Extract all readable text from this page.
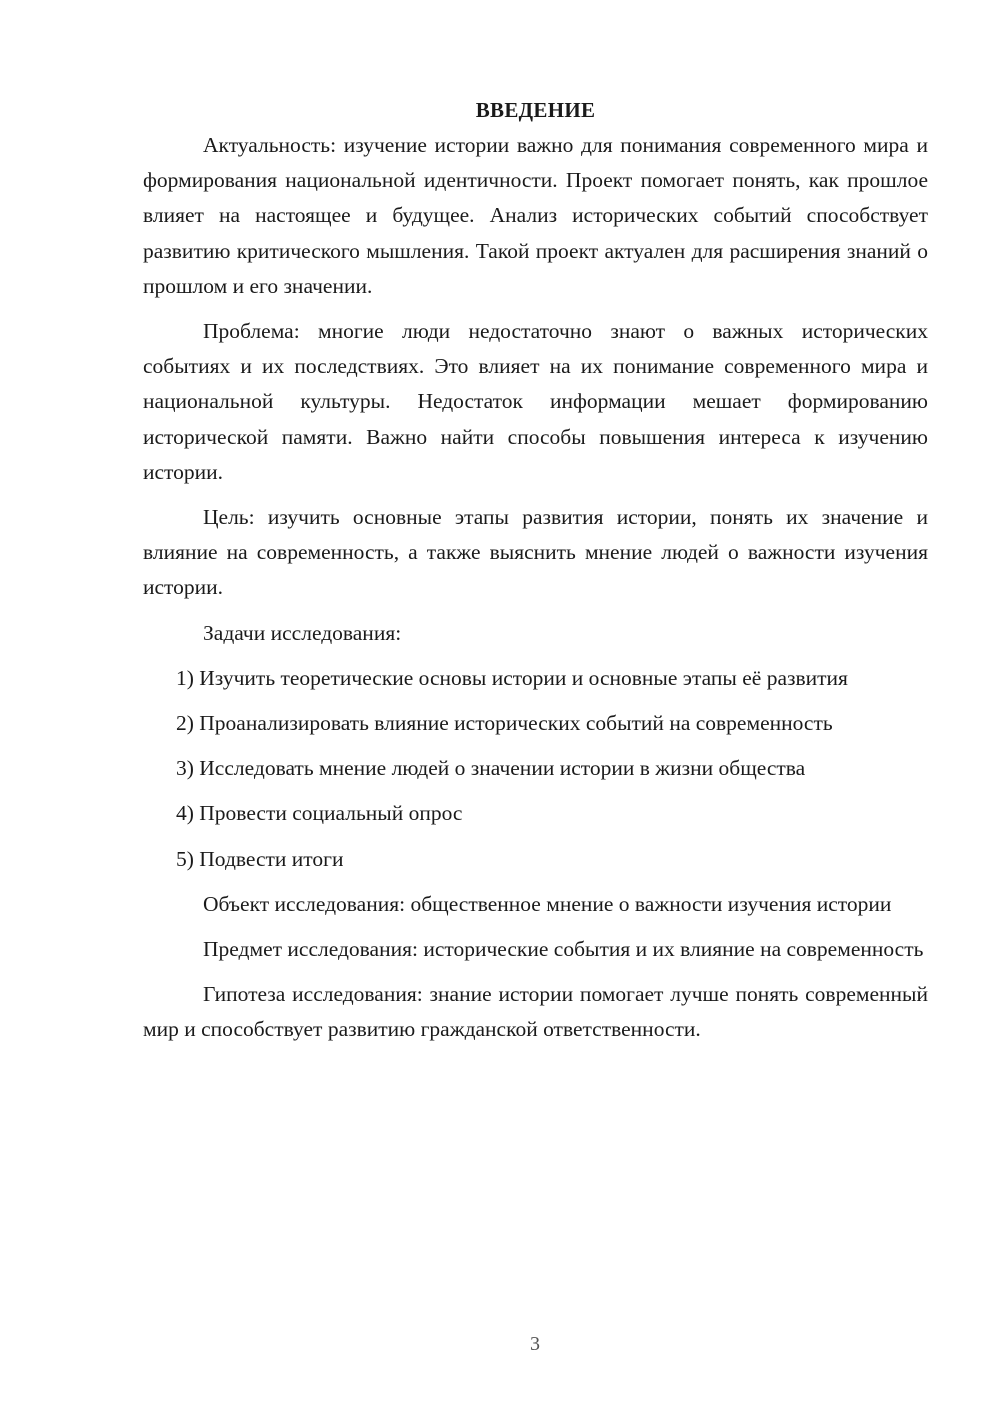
ВВЕДЕНИЕ

Актуальность: изучение истории важно для понимания современного мира и формирования национальной идентичности. Проект помогает понять, как прошлое влияет на настоящее и будущее. Анализ исторических событий способствует развитию критического мышления. Такой проект актуален для расширения знаний о прошлом и его значении.

Проблема: многие люди недостаточно знают о важных исторических событиях и их последствиях. Это влияет на их понимание современного мира и национальной культуры. Недостаток информации мешает формированию исторической памяти. Важно найти способы повышения интереса к изучению истории.

Цель: изучить основные этапы развития истории, понять их значение и влияние на современность, а также выяснить мнение людей о важности изучения истории.

Задачи исследования:

1) Изучить теоретические основы истории и основные этапы её развития

2) Проанализировать влияние исторических событий на современность

3) Исследовать мнение людей о значении истории в жизни общества

4) Провести социальный опрос

5) Подвести итоги

Объект исследования: общественное мнение о важности изучения истории

Предмет исследования: исторические события и их влияние на современность

Гипотеза исследования: знание истории помогает лучше понять современный мир и способствует развитию гражданской ответственности.

3
